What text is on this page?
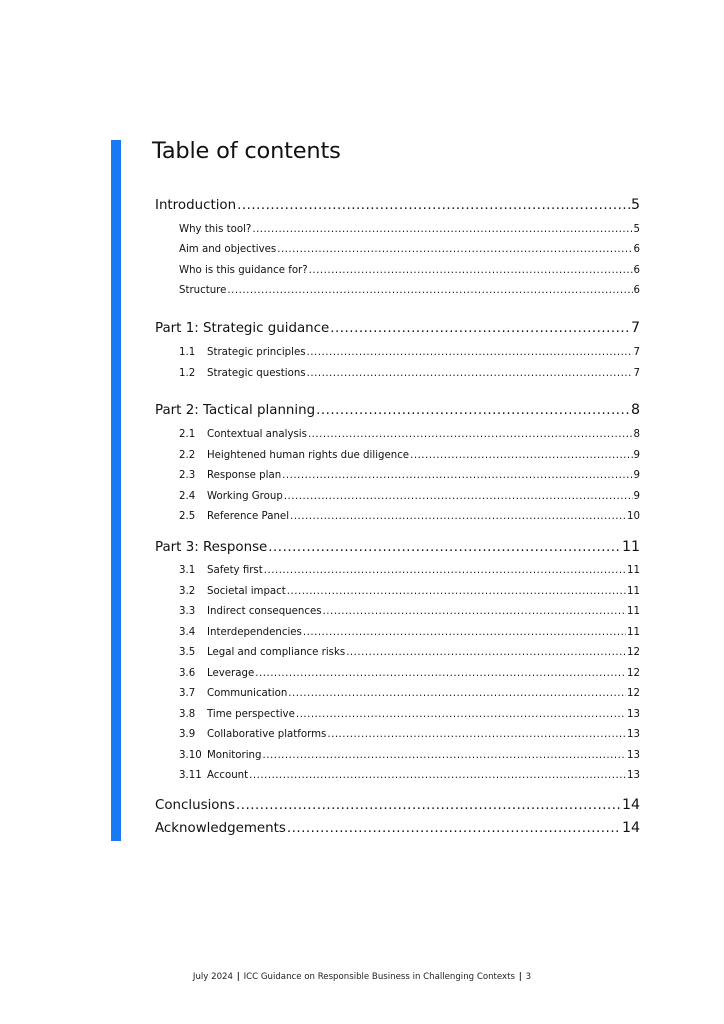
Table of contents
Introduction .....	5
Why this tool? .....	5
Aim and objectives .....	6
Who is this guidance for? .....	6
Structure .....	6
Part 1: Strategic guidance .....	7
1.1	Strategic principles .....	7
1.2	Strategic questions .....	7
Part 2: Tactical planning .....	8
2.1	Contextual analysis .....	8
2.2	Heightened human rights due diligence .....	9
2.3	Response plan .....	9
2.4	Working Group .....	9
2.5	Reference Panel .....	10
Part 3: Response .....	11
3.1	Safety first .....	11
3.2	Societal impact .....	11
3.3	Indirect consequences .....	11
3.4	Interdependencies .....	11
3.5	Legal and compliance risks .....	12
3.6	Leverage .....	12
3.7	Communication .....	12
3.8	Time perspective .....	13
3.9	Collaborative platforms .....	13
3.10 Monitoring .....	13
3.11 Account .....	13
Conclusions .....	14
Acknowledgements .....	14
July 2024 | ICC Guidance on Responsible Business in Challenging Contexts | 3
